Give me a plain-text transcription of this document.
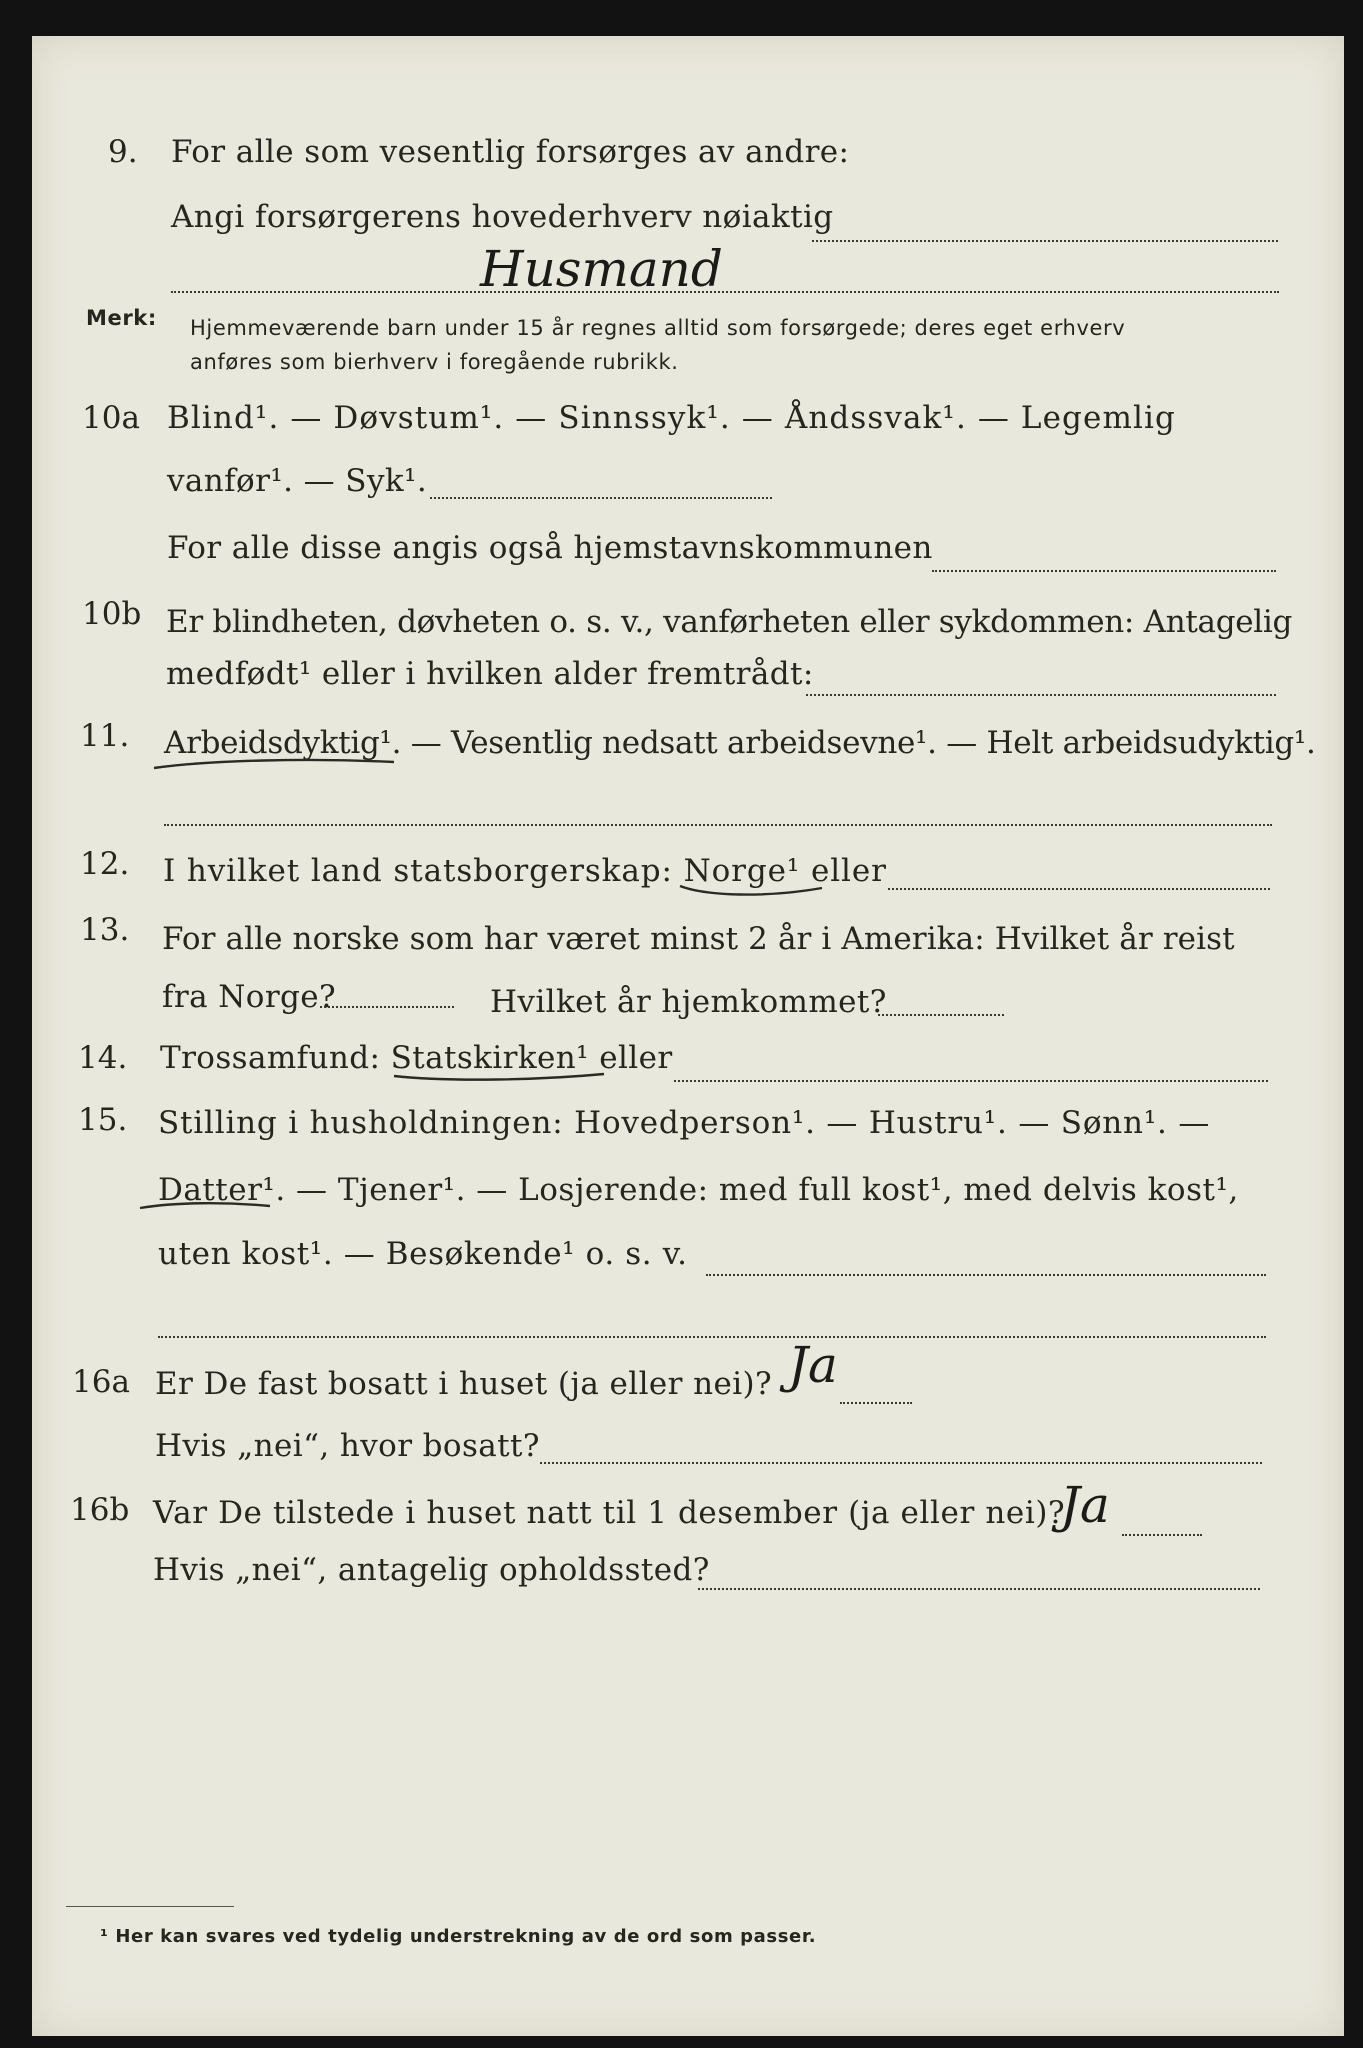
9. For alle som vesentlig forsørges av andre:
Angi forsørgerens hovederhverv nøiaktig
Husmand
Merk: Hjemmeværende barn under 15 år regnes alltid som forsørgede; deres eget erhverv
anføres som bierhverv i foregående rubrikk.
10a Blind¹. — Døvstum¹. — Sinnssyk¹. — Åndssvak¹. — Legemlig
vanfør¹. — Syk¹.
For alle disse angis også hjemstavnskommunen
10b Er blindheten, døvheten o. s. v., vanførheten eller sykdommen: Antagelig
medfødt¹ eller i hvilken alder fremtrådt:
11. Arbeidsdyktig¹. — Vesentlig nedsatt arbeidsevne¹. — Helt arbeidsudyktig¹.
12. I hvilket land statsborgerskap: Norge¹ eller
13. For alle norske som har været minst 2 år i Amerika: Hvilket år reist
fra Norge?	Hvilket år hjemkommet?
14. Trossamfund: Statskirken¹ eller
15. Stilling i husholdningen: Hovedperson¹. — Hustru¹. — Sønn¹. —
Datter¹. — Tjener¹. — Losjerende: med full kost¹, med delvis kost¹,
uten kost¹. — Besøkende¹ o. s. v.
16a Er De fast bosatt i huset (ja eller nei)? Ja
Hvis „nei“, hvor bosatt?
16b Var De tilstede i huset natt til 1 desember (ja eller nei)?
Ja
Hvis „nei“, antagelig opholdssted?
¹ Her kan svares ved tydelig understrekning av de ord som passer.
